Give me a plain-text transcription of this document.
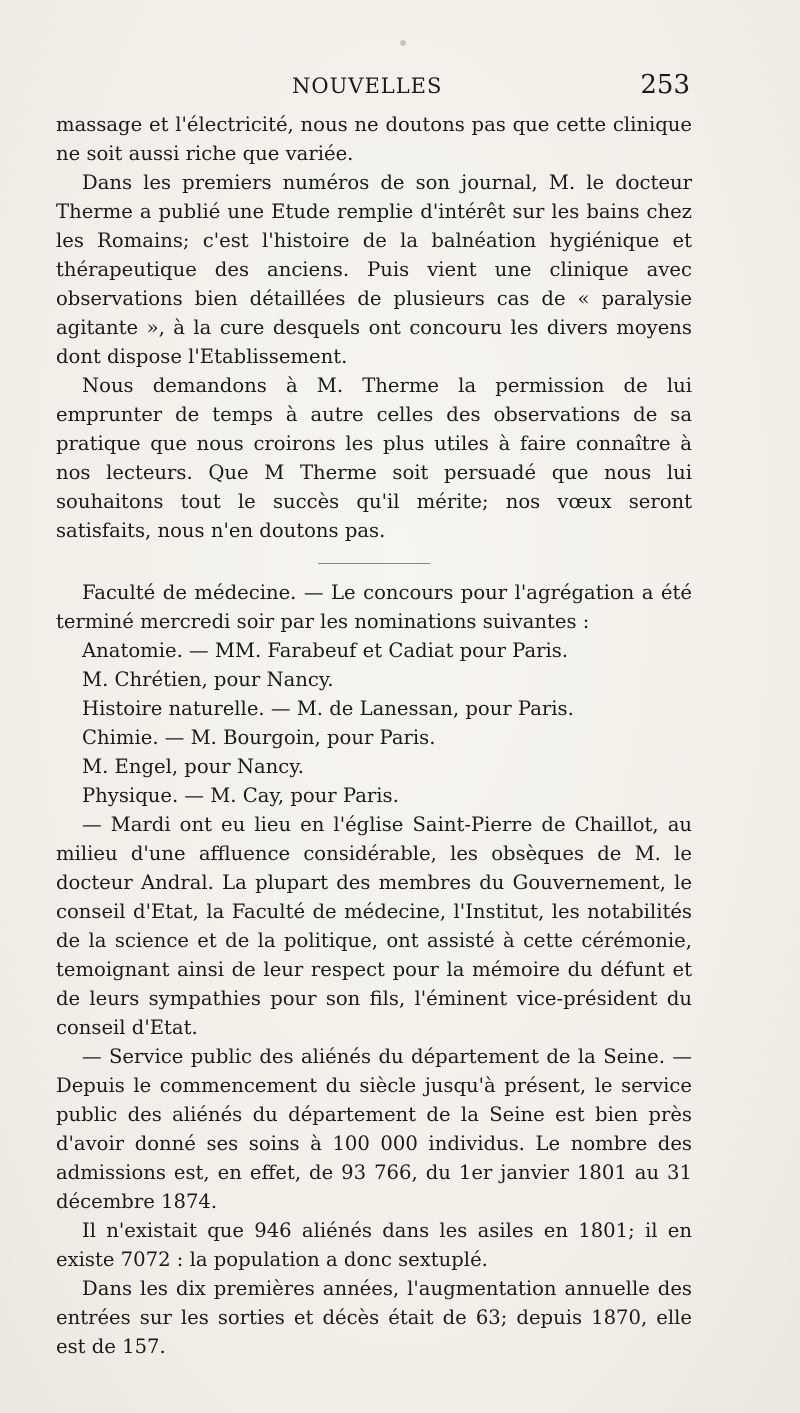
NOUVELLES	253

massage et l'électricité, nous ne doutons pas que cette clinique ne soit aussi riche que variée.

Dans les premiers numéros de son journal, M. le docteur Therme a publié une Etude remplie d'intérêt sur les bains chez les Romains; c'est l'histoire de la balnéation hygiénique et thérapeutique des anciens. Puis vient une clinique avec observations bien détaillées de plusieurs cas de « paralysie agitante », à la cure desquels ont concouru les divers moyens dont dispose l'Etablissement.

Nous demandons à M. Therme la permission de lui emprunter de temps à autre celles des observations de sa pratique que nous croirons les plus utiles à faire connaître à nos lecteurs. Que M Therme soit persuadé que nous lui souhaitons tout le succès qu'il mérite; nos vœux seront satisfaits, nous n'en doutons pas.

Faculté de médecine. — Le concours pour l'agrégation a été terminé mercredi soir par les nominations suivantes :

Anatomie. — MM. Farabeuf et Cadiat pour Paris.

M. Chrétien, pour Nancy.

Histoire naturelle. — M. de Lanessan, pour Paris.

Chimie. — M. Bourgoin, pour Paris.

M. Engel, pour Nancy.

Physique. — M. Cay, pour Paris.

— Mardi ont eu lieu en l'église Saint-Pierre de Chaillot, au milieu d'une affluence considérable, les obsèques de M. le docteur Andral. La plupart des membres du Gouvernement, le conseil d'Etat, la Faculté de médecine, l'Institut, les notabilités de la science et de la politique, ont assisté à cette cérémonie, temoignant ainsi de leur respect pour la mémoire du défunt et de leurs sympathies pour son fils, l'éminent vice-président du conseil d'Etat.

— Service public des aliénés du département de la Seine. — Depuis le commencement du siècle jusqu'à présent, le service public des aliénés du département de la Seine est bien près d'avoir donné ses soins à 100 000 individus. Le nombre des admissions est, en effet, de 93 766, du 1er janvier 1801 au 31 décembre 1874.

Il n'existait que 946 aliénés dans les asiles en 1801; il en existe 7072 : la population a donc sextuplé.

Dans les dix premières années, l'augmentation annuelle des entrées sur les sorties et décès était de 63; depuis 1870, elle est de 157.
